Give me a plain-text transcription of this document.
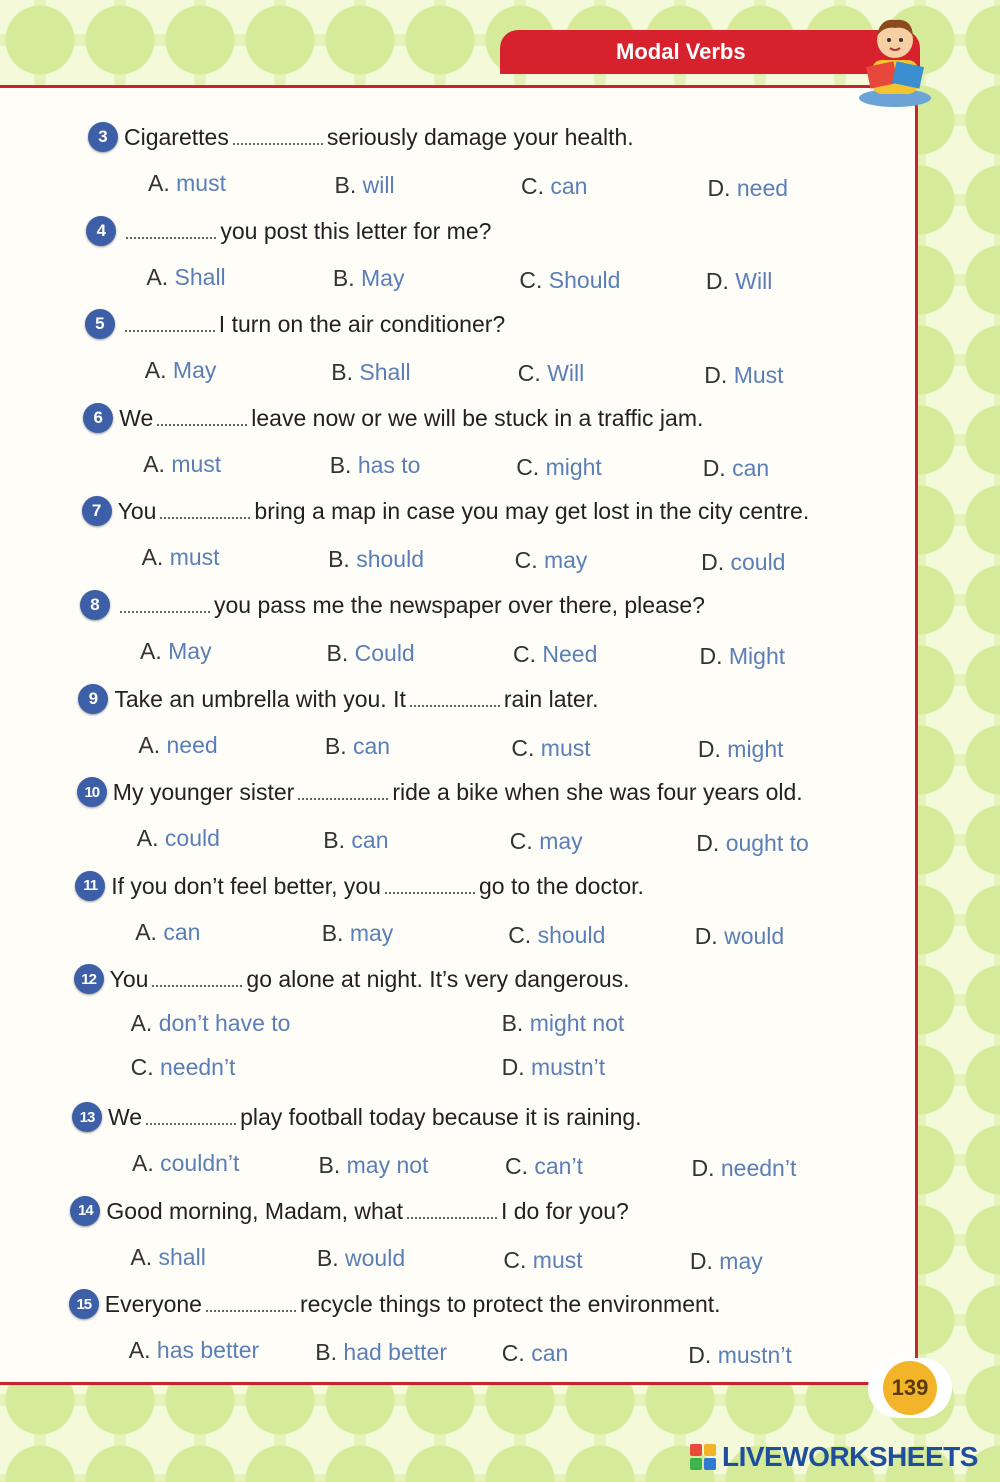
Modal Verbs
3 Cigarettes	seriously damage your health.
A. must	B. will	C. can	D. need
4	you post this letter for me?
A. Shall	B. May	C. Should	D. Will
5	I turn on the air conditioner?
A. May	B. Shall	C. Will	D. Must
6 We	leave now or we will be stuck in a traffic jam.
A. must	B. has to	C. might	D. can
7 You	bring a map in case you may get lost in the city centre.
A. must	B. should	C. may	D. could
8	you pass me the newspaper over there, please?
A. May	B. Could	C. Need	D. Might
9 Take an umbrella with you. It	rain later.
A. need	B. can	C. must	D. might
10 My younger sister	ride a bike when she was four years old.
A. could	B. can	C. may	D. ought to
11 If you don’t feel better, you	go to the doctor.
A. can	B. may	C. should	D. would
12 You	go alone at night. It’s very dangerous.
A. don’t have to	B. might not
C. needn’t	D. mustn’t
13 We	play football today because it is raining.
A. couldn’t	B. may not	C. can’t	D. needn’t
14 Good morning, Madam, what	I do for you?
A. shall	B. would	C. must	D. may
15 Everyone	recycle things to protect the environment.
A. has better B. had better C. can	D. mustn’t
139
LIVEWORKSHEETS
